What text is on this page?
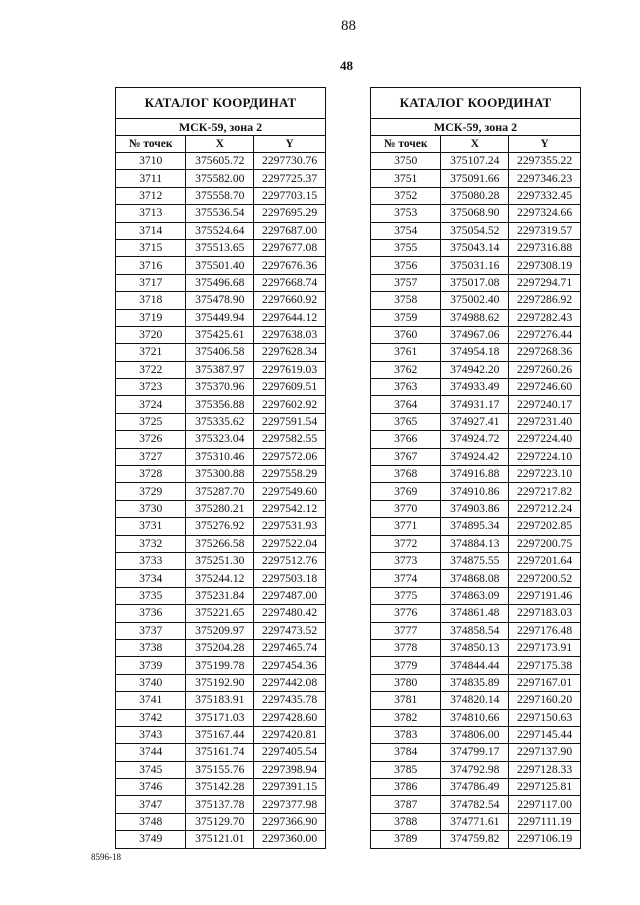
88
48
КАТАЛОГ КООРДИНАТ		
МСК-59, зона 2		
№ точек	X	Y
3710	375605.72	2297730.76
3711	375582.00	2297725.37
3712	375558.70	2297703.15
3713	375536.54	2297695.29
3714	375524.64	2297687.00
3715	375513.65	2297677.08
3716	375501.40	2297676.36
3717	375496.68	2297668.74
3718	375478.90	2297660.92
3719	375449.94	2297644.12
3720	375425.61	2297638.03
3721	375406.58	2297628.34
3722	375387.97	2297619.03
3723	375370.96	2297609.51
3724	375356.88	2297602.92
3725	375335.62	2297591.54
3726	375323.04	2297582.55
3727	375310.46	2297572.06
3728	375300.88	2297558.29
3729	375287.70	2297549.60
3730	375280.21	2297542.12
3731	375276.92	2297531.93
3732	375266.58	2297522.04
3733	375251.30	2297512.76
3734	375244.12	2297503.18
3735	375231.84	2297487.00
3736	375221.65	2297480.42
3737	375209.97	2297473.52
3738	375204.28	2297465.74
3739	375199.78	2297454.36
3740	375192.90	2297442.08
3741	375183.91	2297435.78
3742	375171.03	2297428.60
3743	375167.44	2297420.81
3744	375161.74	2297405.54
3745	375155.76	2297398.94
3746	375142.28	2297391.15
3747	375137.78	2297377.98
3748	375129.70	2297366.90
3749	375121.01	2297360.00
КАТАЛОГ КООРДИНАТ		
МСК-59, зона 2		
№ точек	X	Y
3750	375107.24	2297355.22
3751	375091.66	2297346.23
3752	375080.28	2297332.45
3753	375068.90	2297324.66
3754	375054.52	2297319.57
3755	375043.14	2297316.88
3756	375031.16	2297308.19
3757	375017.08	2297294.71
3758	375002.40	2297286.92
3759	374988.62	2297282.43
3760	374967.06	2297276.44
3761	374954.18	2297268.36
3762	374942.20	2297260.26
3763	374933.49	2297246.60
3764	374931.17	2297240.17
3765	374927.41	2297231.40
3766	374924.72	2297224.40
3767	374924.42	2297224.10
3768	374916.88	2297223.10
3769	374910.86	2297217.82
3770	374903.86	2297212.24
3771	374895.34	2297202.85
3772	374884.13	2297200.75
3773	374875.55	2297201.64
3774	374868.08	2297200.52
3775	374863.09	2297191.46
3776	374861.48	2297183.03
3777	374858.54	2297176.48
3778	374850.13	2297173.91
3779	374844.44	2297175.38
3780	374835.89	2297167.01
3781	374820.14	2297160.20
3782	374810.66	2297150.63
3783	374806.00	2297145.44
3784	374799.17	2297137.90
3785	374792.98	2297128.33
3786	374786.49	2297125.81
3787	374782.54	2297117.00
3788	374771.61	2297111.19
3789	374759.82	2297106.19
8596-18
